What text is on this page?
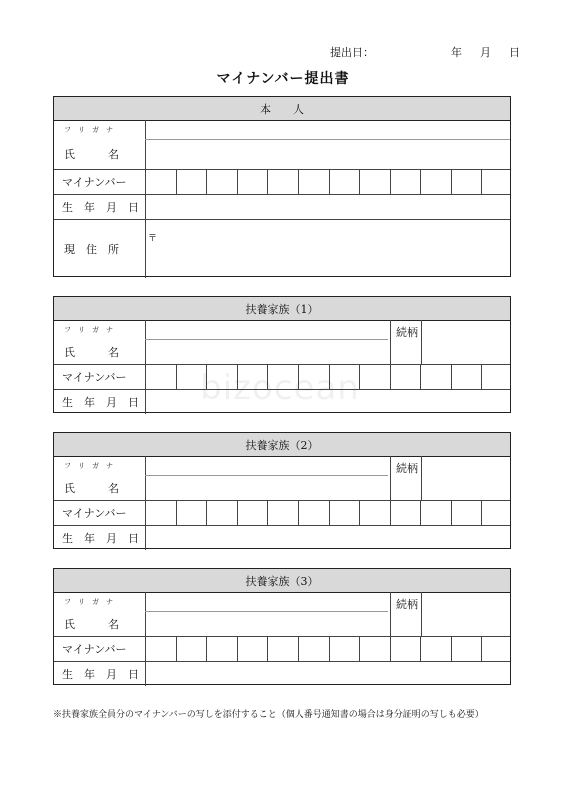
提出日：	年 月 日
マイナンバー提出書
bizocean
本　　人
フ　リ　ガ　ナ
氏　　　名
マイナンバー
生　年　月　日
現　住　所
〒
扶養家族（1）
フ　リ　ガ　ナ
氏　　　名
続柄
マイナンバー
生　年　月　日
扶養家族（2）
フ　リ　ガ　ナ
氏　　　名
続柄
マイナンバー
生　年　月　日
扶養家族（3）
フ　リ　ガ　ナ
氏　　　名
続柄
マイナンバー
生　年　月　日
※扶養家族全員分のマイナンバーの写しを添付すること（個人番号通知書の場合は身分証明の写しも必要）
